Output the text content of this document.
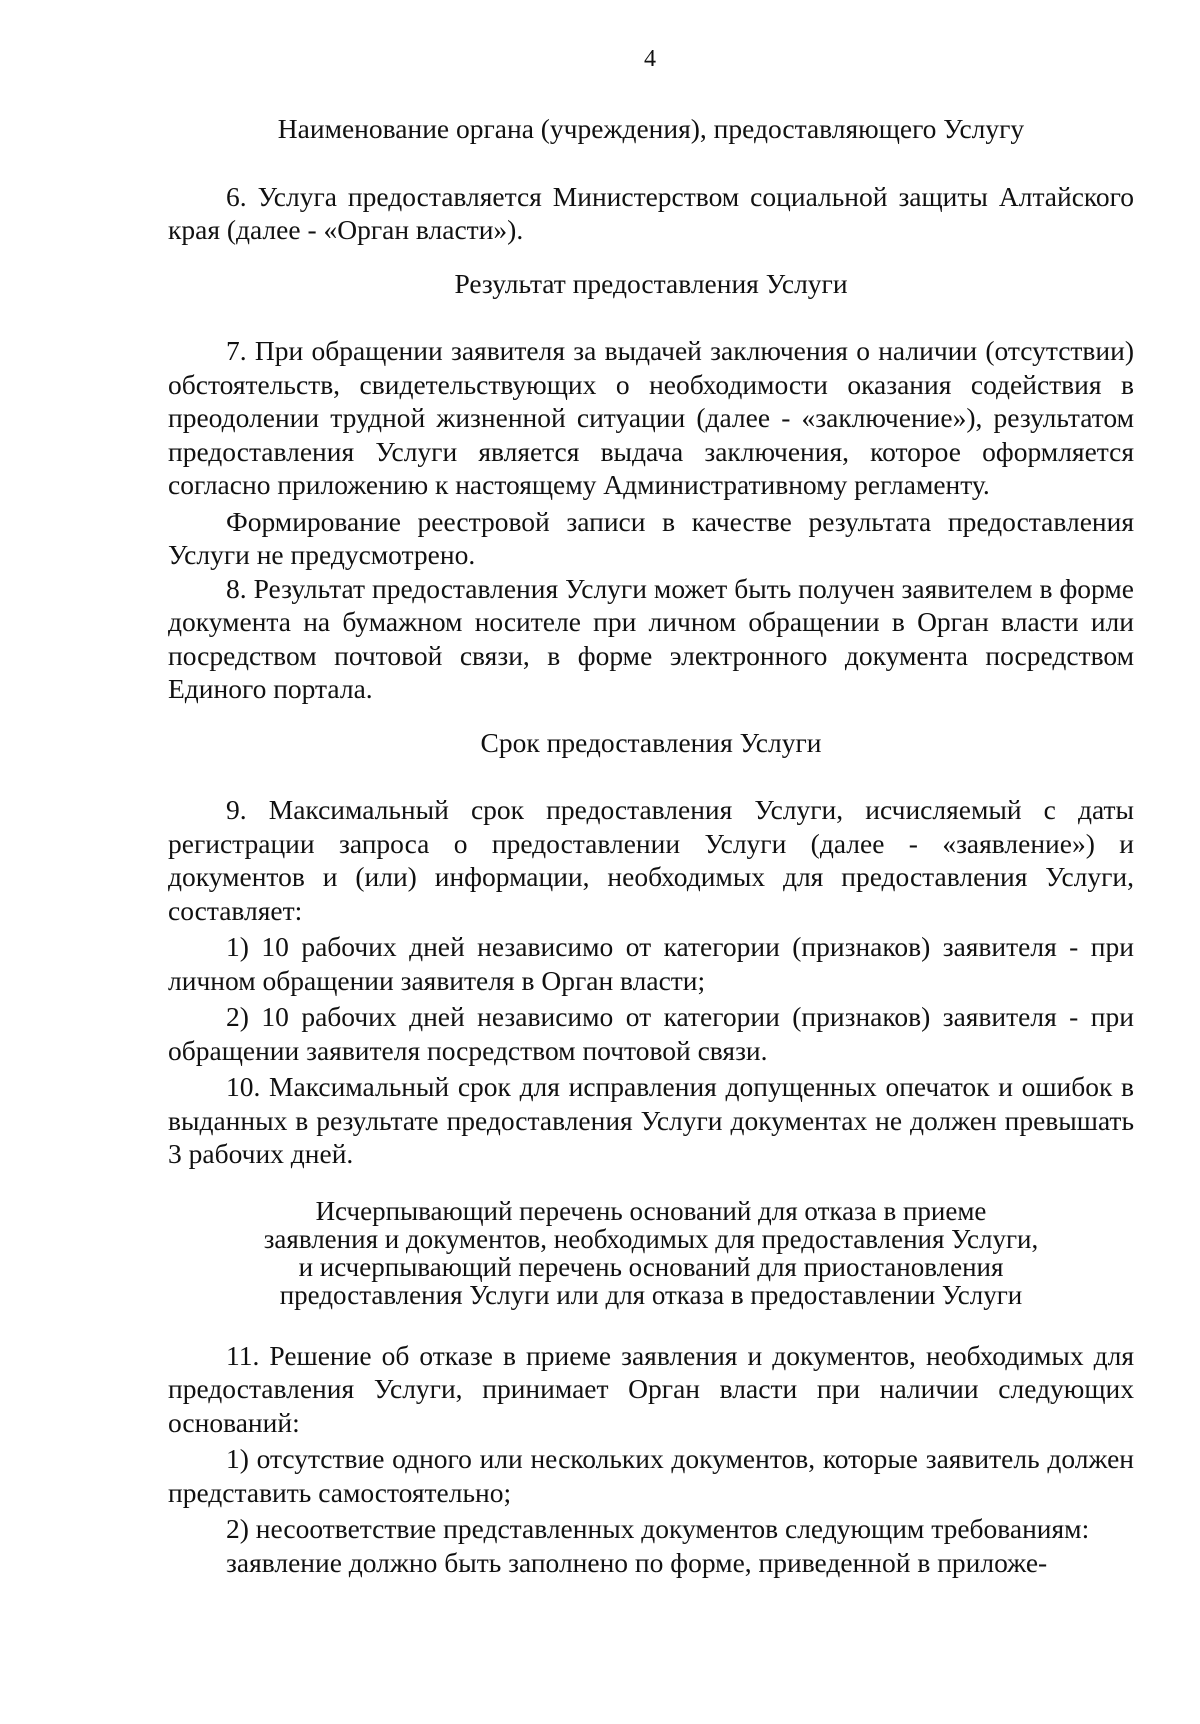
4

Наименование органа (учреждения), предоставляющего Услугу

6. Услуга предоставляется Министерством социальной защиты Алтайского края (далее - «Орган власти»).

Результат предоставления Услуги

7. При обращении заявителя за выдачей заключения о наличии (отсутствии) обстоятельств, свидетельствующих о необходимости оказания содействия в преодолении трудной жизненной ситуации (далее - «заключение»), результатом предоставления Услуги является выдача заключения, которое оформляется согласно приложению к настоящему Административному регламенту.

Формирование реестровой записи в качестве результата предоставления Услуги не предусмотрено.

8. Результат предоставления Услуги может быть получен заявителем в форме документа на бумажном носителе при личном обращении в Орган власти или посредством почтовой связи, в форме электронного документа посредством Единого портала.

Срок предоставления Услуги

9. Максимальный срок предоставления Услуги, исчисляемый с даты регистрации запроса о предоставлении Услуги (далее - «заявление») и документов и (или) информации, необходимых для предоставления Услуги, составляет:

1) 10 рабочих дней независимо от категории (признаков) заявителя - при личном обращении заявителя в Орган власти;

2) 10 рабочих дней независимо от категории (признаков) заявителя - при обращении заявителя посредством почтовой связи.

10. Максимальный срок для исправления допущенных опечаток и ошибок в выданных в результате предоставления Услуги документах не должен превышать 3 рабочих дней.

Исчерпывающий перечень оснований для отказа в приеме заявления и документов, необходимых для предоставления Услуги, и исчерпывающий перечень оснований для приостановления предоставления Услуги или для отказа в предоставлении Услуги

11. Решение об отказе в приеме заявления и документов, необходимых для предоставления Услуги, принимает Орган власти при наличии следующих оснований:

1) отсутствие одного или нескольких документов, которые заявитель должен представить самостоятельно;

2) несоответствие представленных документов следующим требованиям:

заявление должно быть заполнено по форме, приведенной в приложе-
